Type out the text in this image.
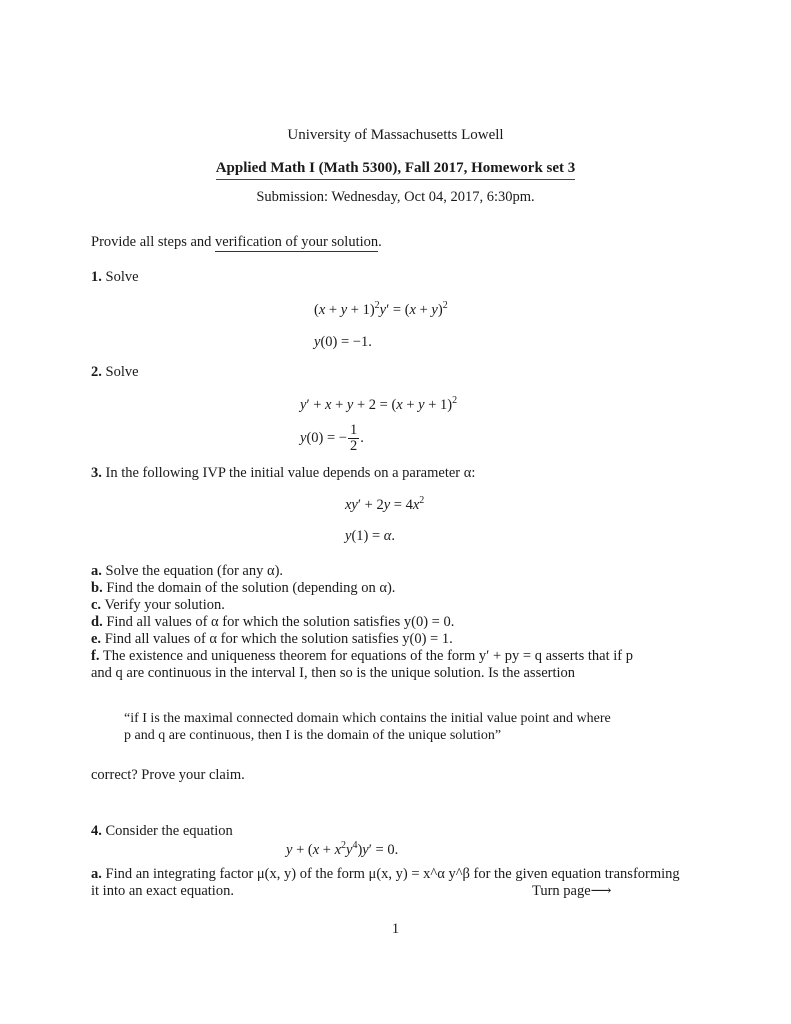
University of Massachusetts Lowell
Applied Math I (Math 5300), Fall 2017, Homework set 3
Submission: Wednesday, Oct 04, 2017, 6:30pm.
Provide all steps and verification of your solution.
1. Solve
$(x + y + 1)^2y' = (x + y)^2$
y(0) = −1.
2. Solve
$y' + x + y + 2 = (x + y + 1)^2$
y(0) = − $\frac{1}{2}$ .
3. In the following IVP the initial value depends on a parameter α:
$xy' + 2y = 4x^2$
y(1) = α.
a. Solve the equation (for any α).
b. Find the domain of the solution (depending on α).
c. Verify your solution.
d. Find all values of α for which the solution satisfies y(0) = 0.
e. Find all values of α for which the solution satisfies y(0) = 1.
f. The existence and uniqueness theorem for equations of the form y′ + py = q asserts that if p
and q are continuous in the interval I, then so is the unique solution. Is the assertion
“if I is the maximal connected domain which contains the initial value point and where
p and q are continuous, then I is the domain of the unique solution”
correct? Prove your claim.
4. Consider the equation
$y + (x + x^2y^4)y' = 0$.
a. Find an integrating factor μ(x, y) of the form μ(x, y) = x^α y^β for the given equation transforming
it into an exact equation.	Turn page⟶
1
